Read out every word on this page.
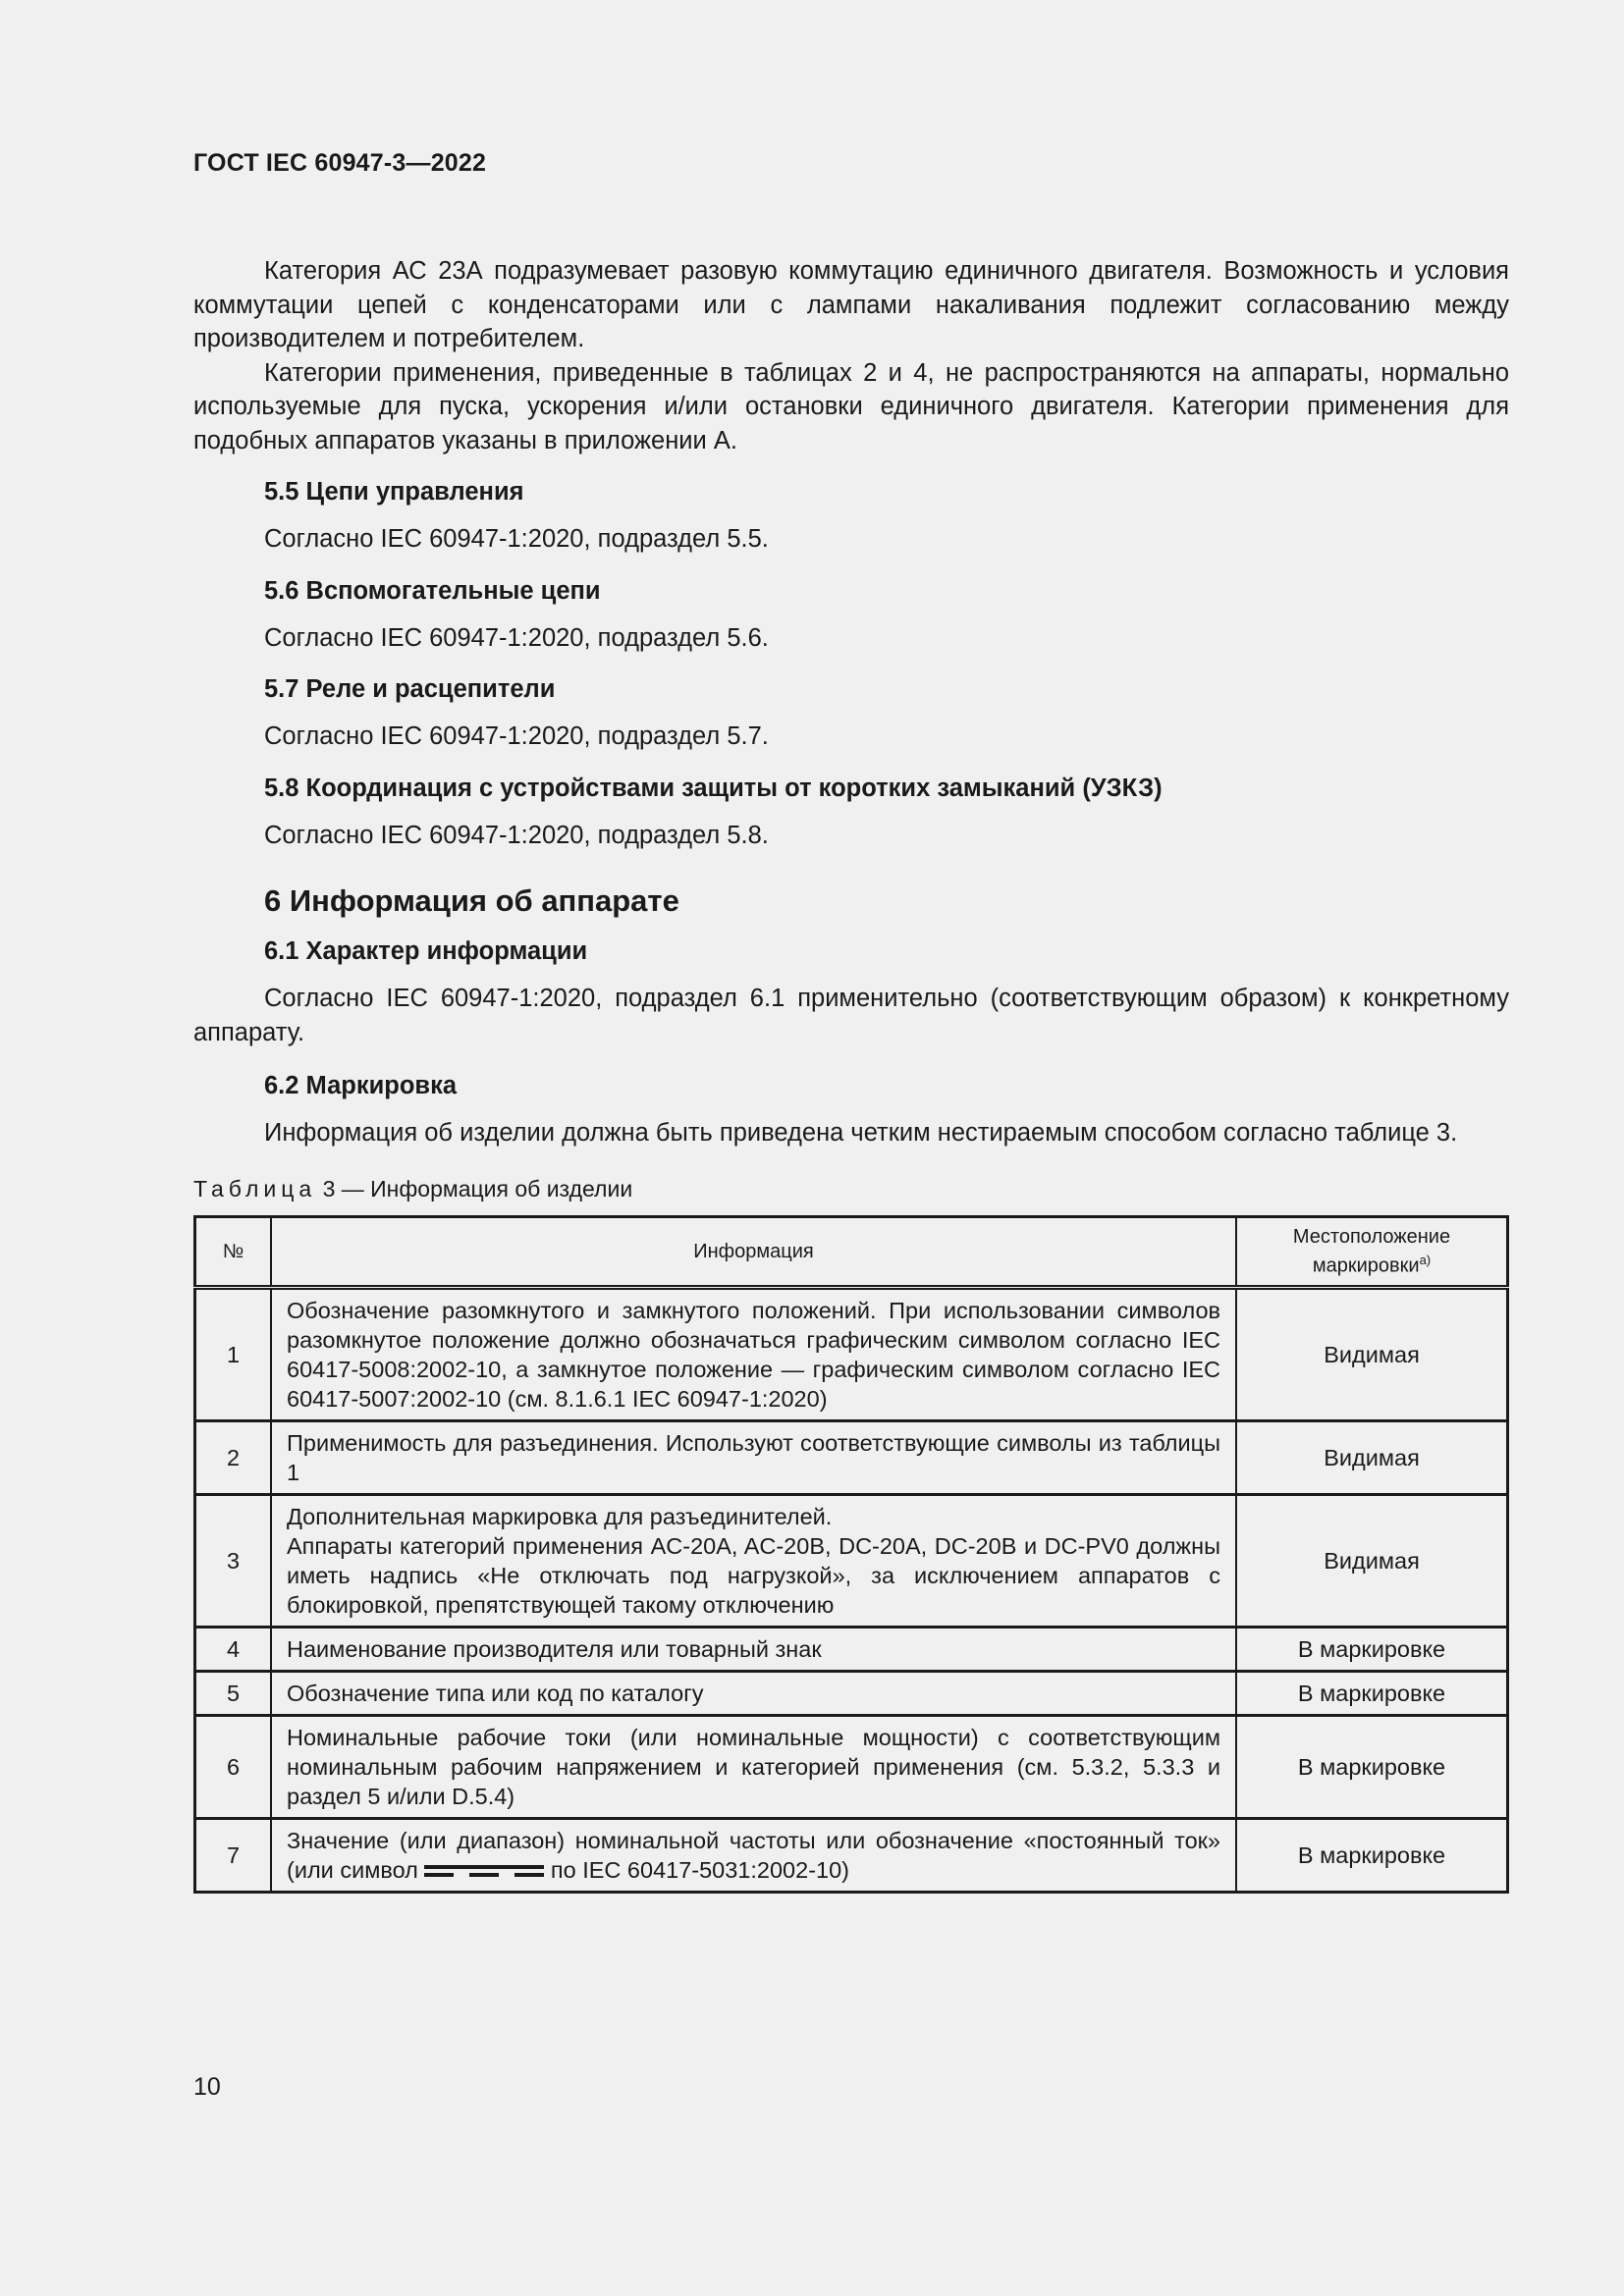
ГОСТ IEC 60947-3—2022

Категория АС 23А подразумевает разовую коммутацию единичного двигателя. Возможность и условия коммутации цепей с конденсаторами или с лампами накаливания подлежит согласованию между производителем и потребителем.

Категории применения, приведенные в таблицах 2 и 4, не распространяются на аппараты, нормально используемые для пуска, ускорения и/или остановки единичного двигателя. Категории применения для подобных аппаратов указаны в приложении А.

5.5 Цепи управления

Согласно IEC 60947-1:2020, подраздел 5.5.

5.6 Вспомогательные цепи

Согласно IEC 60947-1:2020, подраздел 5.6.

5.7 Реле и расцепители

Согласно IEC 60947-1:2020, подраздел 5.7.

5.8 Координация с устройствами защиты от коротких замыканий (УЗКЗ)

Согласно IEC 60947-1:2020, подраздел 5.8.

6 Информация об аппарате
6.1 Характер информации

Согласно IEC 60947-1:2020, подраздел 6.1 применительно (соответствующим образом) к конкретному аппарату.

6.2 Маркировка

Информация об изделии должна быть приведена четким нестираемым способом согласно таблице 3.

Таблица 3 — Информация об изделии

№	Информация	Местоположение маркировки$^{а)}$
1	Обозначение разомкнутого и замкнутого положений. При использовании символов разомкнутое положение должно обозначаться графическим символом согласно IEC 60417-5008:2002-10, а замкнутое положение — графическим символом согласно IEC 60417-5007:2002-10 (см. 8.1.6.1 IEC 60947-1:2020)	Видимая
2	Применимость для разъединения. Используют соответствующие символы из таблицы 1	Видимая
3	Дополнительная маркировка для разъединителей.
Аппараты категорий применения AC-20A, AC-20B, DC-20A, DC-20B и DC-PV0 должны иметь надпись «Не отключать под нагрузкой», за исключением аппаратов с блокировкой, препятствующей такому отключению	Видимая
4	Наименование производителя или товарный знак	В маркировке
5	Обозначение типа или код по каталогу	В маркировке
6	Номинальные рабочие токи (или номинальные мощности) с соответствующим номинальным рабочим напряжением и категорией применения (см. 5.3.2, 5.3.3 и раздел 5 и/или D.5.4)	В маркировке
7	Значение (или диапазон) номинальной частоты или обозначение «постоянный ток» (или символ по IEC 60417-5031:2002-10)	В маркировке
10
